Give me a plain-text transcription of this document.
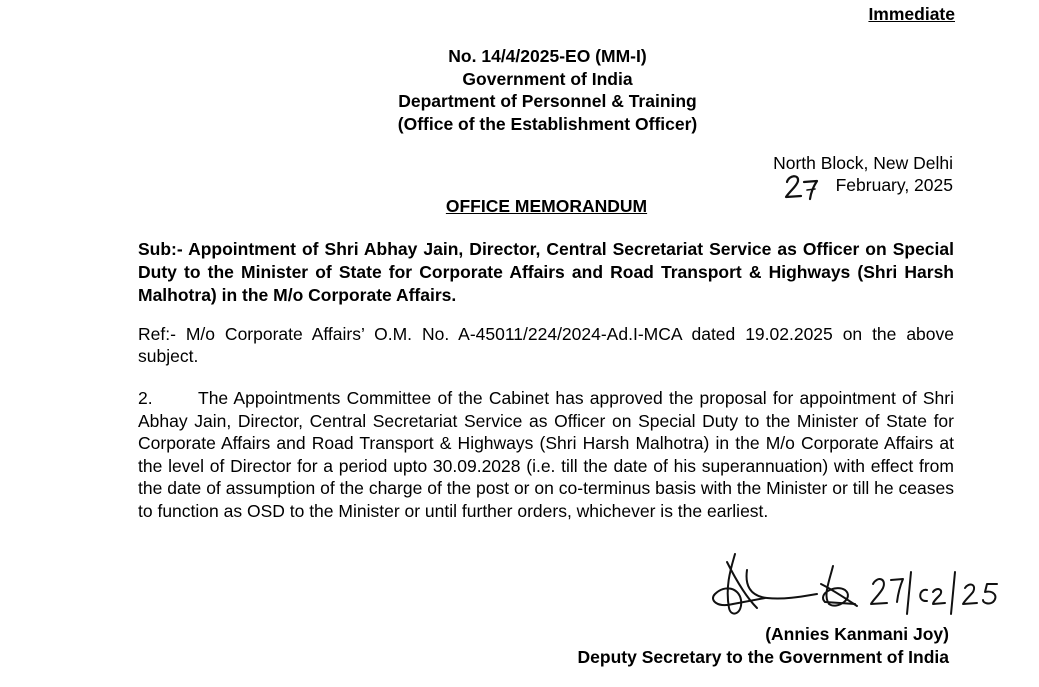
Immediate
No. 14/4/2025-EO (MM-I)
Government of India
Department of Personnel & Training
(Office of the Establishment Officer)
North Block, New Delhi
February, 2025
OFFICE MEMORANDUM
Sub:- Appointment of Shri Abhay Jain, Director, Central Secretariat Service as Officer on Special Duty to the Minister of State for Corporate Affairs and Road Transport & Highways (Shri Harsh Malhotra) in the M/o Corporate Affairs.
Ref:- M/o Corporate Affairs’ O.M. No. A-45011/224/2024-Ad.I-MCA dated 19.02.2025 on the above subject.
2.	The Appointments Committee of the Cabinet has approved the proposal for appointment of Shri Abhay Jain, Director, Central Secretariat Service as Officer on Special Duty to the Minister of State for Corporate Affairs and Road Transport & Highways (Shri Harsh Malhotra) in the M/o Corporate Affairs at the level of Director for a period upto 30.09.2028 (i.e. till the date of his superannuation) with effect from the date of assumption of the charge of the post or on co-terminus basis with the Minister or till he ceases to function as OSD to the Minister or until further orders, whichever is the earliest.
(Annies Kanmani Joy)
Deputy Secretary to the Government of India
